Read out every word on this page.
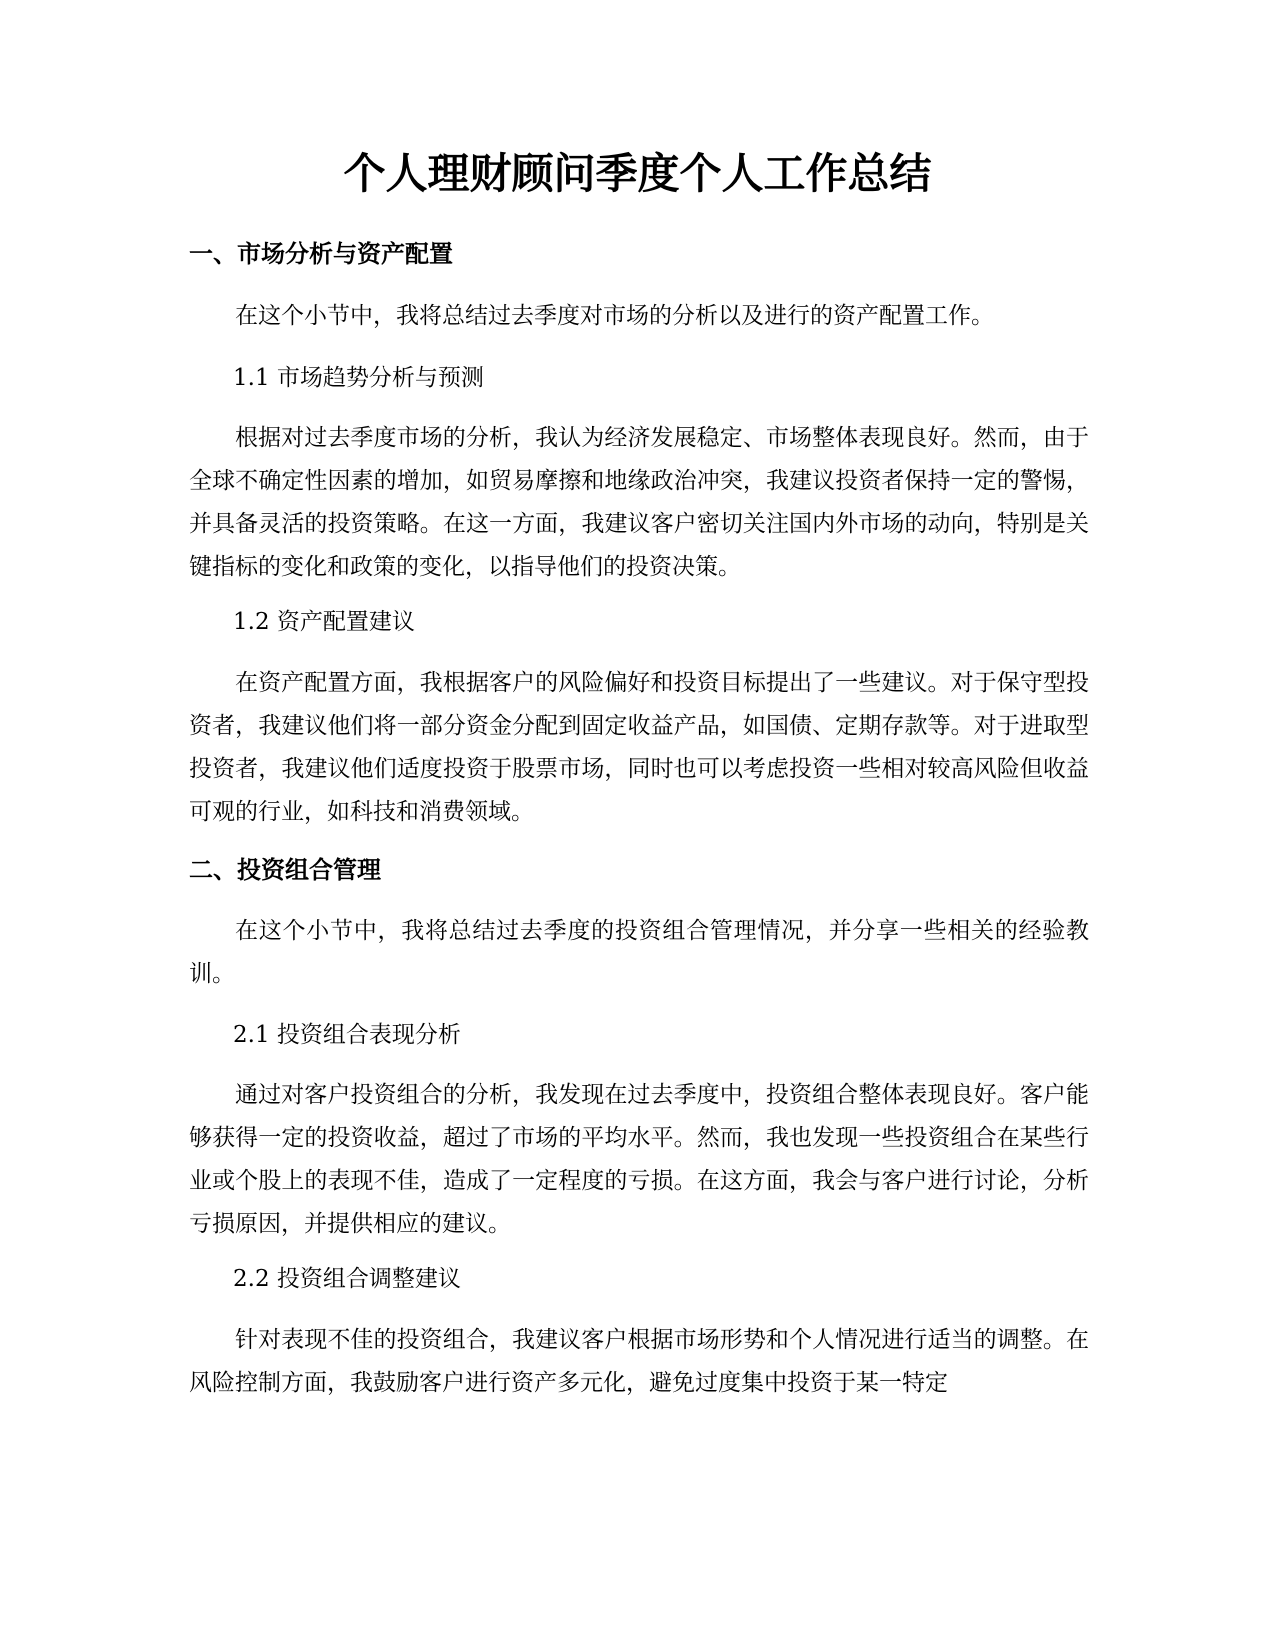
个人理财顾问季度个人工作总结
一、市场分析与资产配置

在这个小节中，我将总结过去季度对市场的分析以及进行的资产配置工作。

1.1 市场趋势分析与预测

根据对过去季度市场的分析，我认为经济发展稳定、市场整体表现良好。然而，由于全球不确定性因素的增加，如贸易摩擦和地缘政治冲突，我建议投资者保持一定的警惕，并具备灵活的投资策略。在这一方面，我建议客户密切关注国内外市场的动向，特别是关键指标的变化和政策的变化，以指导他们的投资决策。

1.2 资产配置建议

在资产配置方面，我根据客户的风险偏好和投资目标提出了一些建议。对于保守型投资者，我建议他们将一部分资金分配到固定收益产品，如国债、定期存款等。对于进取型投资者，我建议他们适度投资于股票市场，同时也可以考虑投资一些相对较高风险但收益可观的行业，如科技和消费领域。

二、投资组合管理

在这个小节中，我将总结过去季度的投资组合管理情况，并分享一些相关的经验教训。

2.1 投资组合表现分析

通过对客户投资组合的分析，我发现在过去季度中，投资组合整体表现良好。客户能够获得一定的投资收益，超过了市场的平均水平。然而，我也发现一些投资组合在某些行业或个股上的表现不佳，造成了一定程度的亏损。在这方面，我会与客户进行讨论，分析亏损原因，并提供相应的建议。

2.2 投资组合调整建议

针对表现不佳的投资组合，我建议客户根据市场形势和个人情况进行适当的调整。在风险控制方面，我鼓励客户进行资产多元化，避免过度集中投资于某一特定
